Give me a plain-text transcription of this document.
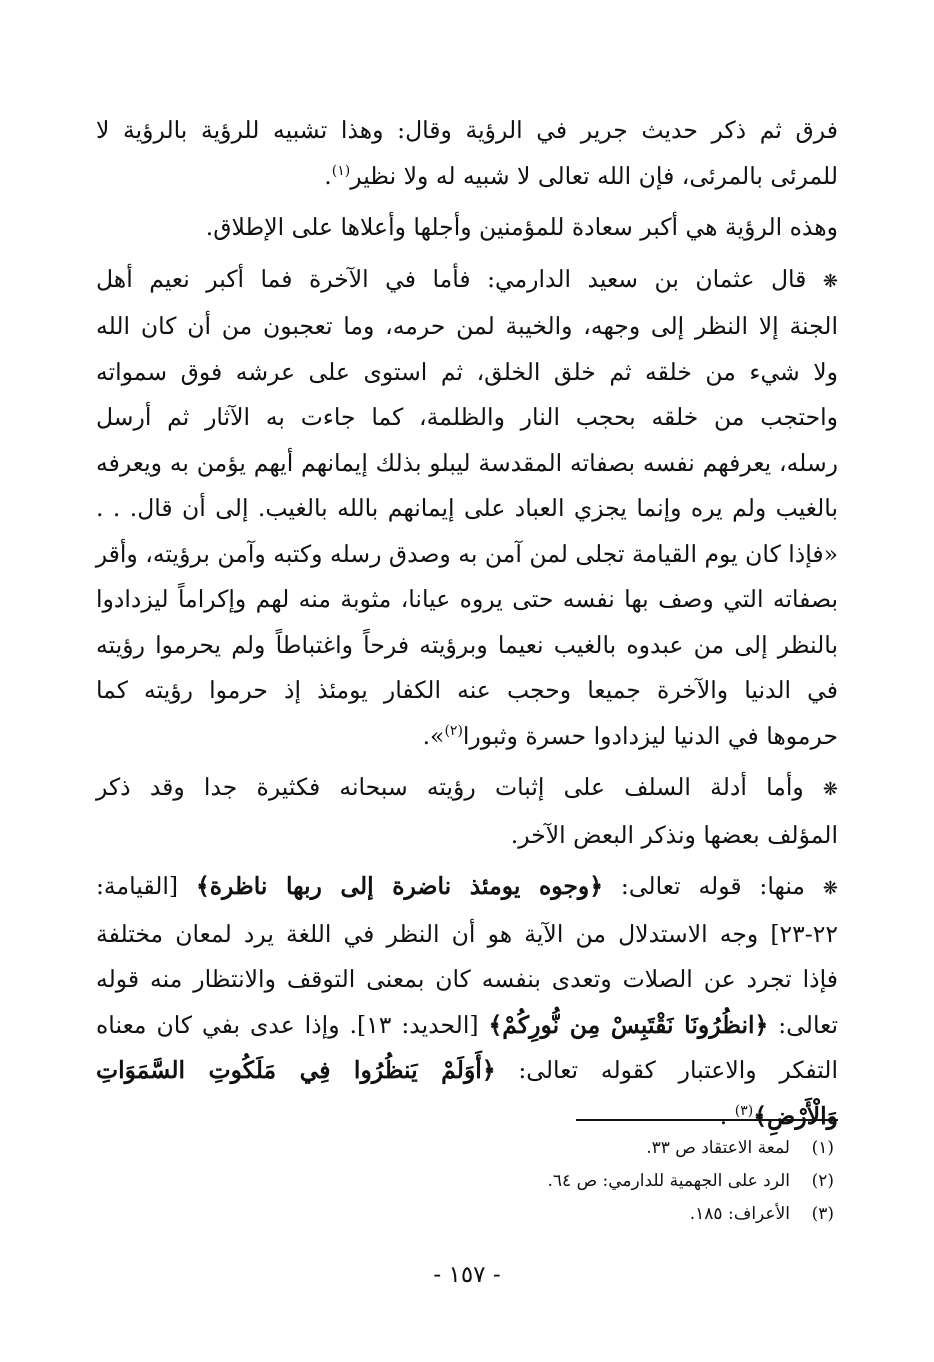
فرق ثم ذكر حديث جرير في الرؤية وقال: وهذا تشبيه للرؤية بالرؤية لا
للمرئى بالمرئى، فإن الله تعالى لا شبيه له ولا نظير$^{(١)}$.
وهذه الرؤية هي أكبر سعادة للمؤمنين وأجلها وأعلاها على الإطلاق.
❋ قال عثمان بن سعيد الدارمي: فأما في الآخرة فما أكبر نعيم أهل
الجنة إلا النظر إلى وجهه، والخيبة لمن حرمه، وما تعجبون من أن كان الله
ولا شيء من خلقه ثم خلق الخلق، ثم استوى على عرشه فوق سمواته
واحتجب من خلقه بحجب النار والظلمة، كما جاءت به الآثار ثم أرسل
رسله، يعرفهم نفسه بصفاته المقدسة ليبلو بذلك إيمانهم أيهم يؤمن به ويعرفه
بالغيب ولم يره وإنما يجزي العباد على إيمانهم بالله بالغيب. إلى أن قال. . .
«فإذا كان يوم القيامة تجلى لمن آمن به وصدق رسله وكتبه وآمن برؤيته، وأقر
بصفاته التي وصف بها نفسه حتى يروه عيانا، مثوبة منه لهم وإكراماً ليزدادوا
بالنظر إلى من عبدوه بالغيب نعيما وبرؤيته فرحاً واغتباطاً ولم يحرموا رؤيته
في الدنيا والآخرة جميعا وحجب عنه الكفار يومئذ إذ حرموا رؤيته كما
حرموها في الدنيا ليزدادوا حسرة وثبورا$^{(٢)}$».
❋ وأما أدلة السلف على إثبات رؤيته سبحانه فكثيرة جدا وقد ذكر
المؤلف بعضها ونذكر البعض الآخر.
❋ منها: قوله تعالى: ﴿وجوه يومئذ ناضرة إلى ربها ناظرة﴾ [القيامة:
٢٢-٢٣] وجه الاستدلال من الآية هو أن النظر في اللغة يرد لمعان مختلفة
فإذا تجرد عن الصلات وتعدى بنفسه كان بمعنى التوقف والانتظار منه قوله
تعالى: ﴿انظُرُونَا نَقْتَبِسْ مِن نُّورِكُمْ﴾ [الحديد: ١٣]. وإذا عدى بفي كان معناه
التفكر والاعتبار كقوله تعالى: ﴿أَوَلَمْ يَنظُرُوا فِي مَلَكُوتِ السَّمَوَاتِ
وَالْأَرْضِ﴾$^{(٣)}$ .
(١)لمعة الاعتقاد ص ٣٣.
(٢)الرد على الجهمية للدارمي: ص ٦٤.
(٣)الأعراف: ١٨٥.
- ١٥٧ -
